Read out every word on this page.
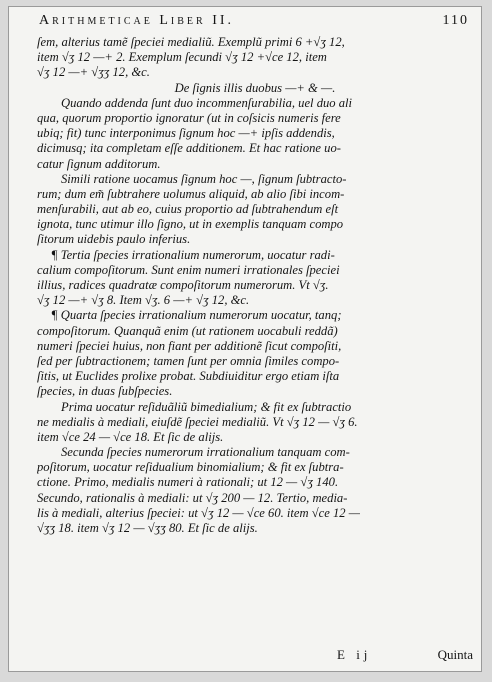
Arithmeticae Liber II.	110
ſem, alterius tamẽ ſpeciei medialiũ. Exemplũ primi 6 +√ʒ 12,
item √ʒ 12 —+ 2. Exemplum ſecundi √ʒ 12 +√ce 12, item
√ʒ 12 —+ √ʒʒ 12, &c.
De ſignis illis duobus —+ & —.
Quando addenda ſunt duo incommenſurabilia, uel duo ali
qua, quorum proportio ignoratur (ut in coſsicis numeris fere
ubiq; fit) tunc interponimus ſignum hoc —+ ipſis addendis,
dicimusq; ita completam eſſe additionem. Et hac ratione uo-
catur ſignum additorum.
Simili ratione uocamus ſignum hoc —, ſignum ſubtracto-
rum; dum em̃ ſubtrahere uolumus aliquid, ab alio ſibi incom-
menſurabili, aut ab eo, cuius proportio ad ſubtrahendum eſt
ignota, tunc utimur illo ſigno, ut in exemplis tanquam compo
ſitorum uidebis paulo inferius.
¶ Tertia ſpecies irrationalium numerorum, uocatur radi-
calium compoſitorum. Sunt enim numeri irrationales ſpeciei
illius, radices quadratæ compoſitorum numerorum. Vt √ʒ.
√ʒ 12 —+ √ʒ 8. Item √ʒ. 6 —+ √ʒ 12, &c.
¶ Quarta ſpecies irrationalium numerorum uocatur, tanq;
compoſitorum. Quanquã enim (ut rationem uocabuli reddã)
numeri ſpeciei huius, non fiant per additionẽ ſicut compoſiti,
ſed per ſubtractionem; tamen ſunt per omnia ſimiles compo-
ſitis, ut Euclides prolixe probat. Subdiuiditur ergo etiam iſta
ſpecies, in duas ſubſpecies.
Prima uocatur reſiduãliũ bimedialium; & fit ex ſubtractio
ne medialis à mediali, eiuſdẽ ſpeciei medialiũ. Vt √ʒ 12 — √ʒ 6.
item √ce 24 — √ce 18. Et ſic de alijs.
Secunda ſpecies numerorum irrationalium tanquam com-
poſitorum, uocatur reſidualium binomialium; & fit ex ſubtra-
ctione. Primo, medialis numeri à rationali; ut 12 — √ʒ 140.
Secundo, rationalis à mediali: ut √ʒ 200 — 12. Tertio, media-
lis à mediali, alterius ſpeciei: ut √ʒ 12 — √ce 60. item √ce 12 —
√ʒʒ 18. item √ʒ 12 — √ʒʒ 80. Et ſic de alijs.
E ij	Quinta
